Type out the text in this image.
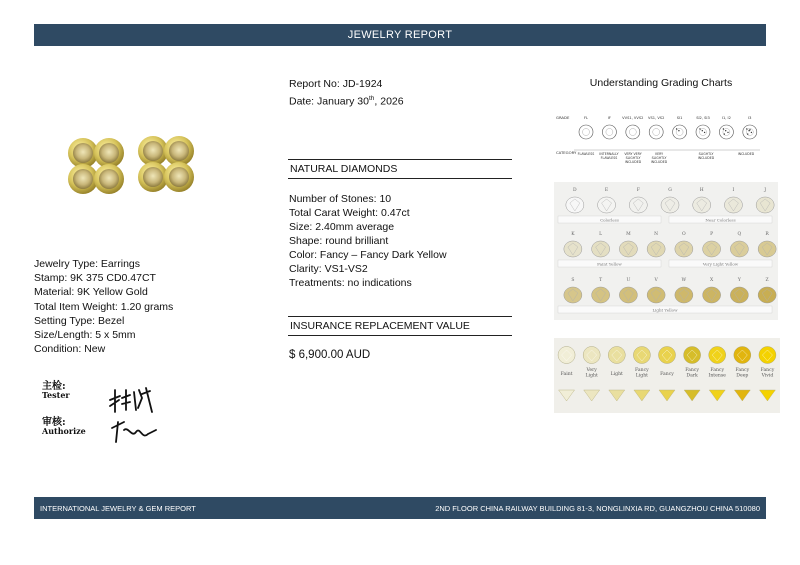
JEWELRY REPORT
Jewelry Type: Earrings
Stamp: 9K 375 CD0.47CT
Material: 9K Yellow Gold
Total Item Weight: 1.20 grams
Setting Type: Bezel
Size/Length: 5 x 5mm
Condition: New
主检:
Tester
审核:
Authorize
Report No: JD-1924
Date: January 30th, 2026
NATURAL DIAMONDS
Number of Stones: 10
Total Carat Weight: 0.47ct
Size: 2.40mm average
Shape: round brilliant
Color: Fancy – Fancy Dark Yellow
Clarity: VS1-VS2
Treatments: no indications
INSURANCE REPLACEMENT VALUE
$ 6,900.00 AUD
Understanding Grading Charts
GRADE
CATEGORY
FL	IF	VVS1, VVS2 VS1, VS2	SI1	SI2, SI3	I1, I2	I3
FLAWLESS INTERNALLY
FLAWLESS
VERY VERY
SLIGHTLY
INCLUDED
VERY
SLIGHTLY
INCLUDED
SLIGHTLY
INCLUDED
INCLUDED
D	E	F	G	H	I	J
Colorless	Near Colorless
K	L	M	N	O	P	Q	R
Faint Yellow	Very Light Yellow
S	T	U	V	W	X	Y	Z
Light Yellow
Faint
Very
Light	Light
Fancy
Light	Fancy
Fancy
Dark
Fancy
Intense
Fancy
Deep
Fancy
Vivid
INTERNATIONAL JEWELRY & GEM REPORT	2ND FLOOR CHINA RAILWAY BUILDING 81-3, NONGLINXIA RD, GUANGZHOU CHINA 510080
